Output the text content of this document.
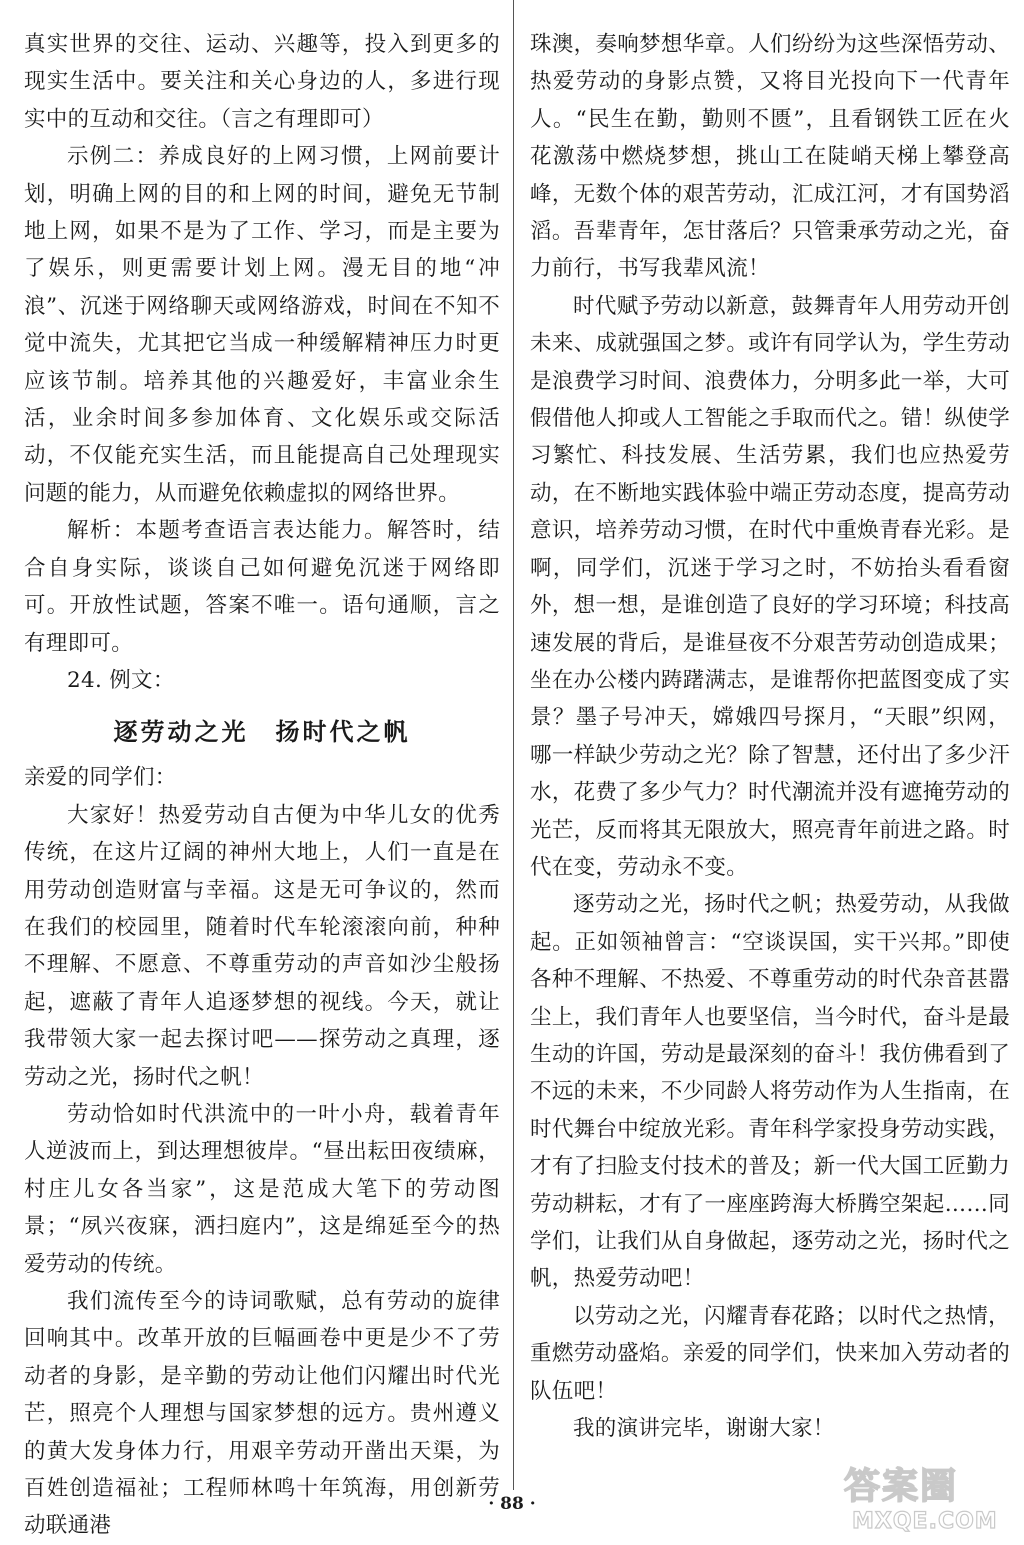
真实世界的交往、运动、兴趣等，投入到更多的现实生活中。要关注和关心身边的人，多进行现实中的互动和交往。（言之有理即可）

示例二：养成良好的上网习惯，上网前要计划，明确上网的目的和上网的时间，避免无节制地上网，如果不是为了工作、学习，而是主要为了娱乐，则更需要计划上网。漫无目的地“冲浪”、沉迷于网络聊天或网络游戏，时间在不知不觉中流失，尤其把它当成一种缓解精神压力时更应该节制。培养其他的兴趣爱好，丰富业余生活，业余时间多参加体育、文化娱乐或交际活动，不仅能充实生活，而且能提高自己处理现实问题的能力，从而避免依赖虚拟的网络世界。

解析：本题考查语言表达能力。解答时，结合自身实际，谈谈自己如何避免沉迷于网络即可。开放性试题，答案不唯一。语句通顺，言之有理即可。

24. 例文：

逐劳动之光　扬时代之帆

亲爱的同学们：

大家好！热爱劳动自古便为中华儿女的优秀传统，在这片辽阔的神州大地上，人们一直是在用劳动创造财富与幸福。这是无可争议的，然而在我们的校园里，随着时代车轮滚滚向前，种种不理解、不愿意、不尊重劳动的声音如沙尘般扬起，遮蔽了青年人追逐梦想的视线。今天，就让我带领大家一起去探讨吧——探劳动之真理，逐劳动之光，扬时代之帆！

劳动恰如时代洪流中的一叶小舟，载着青年人逆波而上，到达理想彼岸。“昼出耘田夜绩麻，村庄儿女各当家”，这是范成大笔下的劳动图景；“夙兴夜寐，洒扫庭内”，这是绵延至今的热爱劳动的传统。

我们流传至今的诗词歌赋，总有劳动的旋律回响其中。改革开放的巨幅画卷中更是少不了劳动者的身影，是辛勤的劳动让他们闪耀出时代光芒，照亮个人理想与国家梦想的远方。贵州遵义的黄大发身体力行，用艰辛劳动开凿出天渠，为百姓创造福祉；工程师林鸣十年筑海，用创新劳动联通港

珠澳，奏响梦想华章。人们纷纷为这些深悟劳动、热爱劳动的身影点赞，又将目光投向下一代青年人。“民生在勤，勤则不匮”，且看钢铁工匠在火花激荡中燃烧梦想，挑山工在陡峭天梯上攀登高峰，无数个体的艰苦劳动，汇成江河，才有国势滔滔。吾辈青年，怎甘落后？只管秉承劳动之光，奋力前行，书写我辈风流！

时代赋予劳动以新意，鼓舞青年人用劳动开创未来、成就强国之梦。或许有同学认为，学生劳动是浪费学习时间、浪费体力，分明多此一举，大可假借他人抑或人工智能之手取而代之。错！纵使学习繁忙、科技发展、生活劳累，我们也应热爱劳动，在不断地实践体验中端正劳动态度，提高劳动意识，培养劳动习惯，在时代中重焕青春光彩。是啊，同学们，沉迷于学习之时，不妨抬头看看窗外，想一想，是谁创造了良好的学习环境；科技高速发展的背后，是谁昼夜不分艰苦劳动创造成果；坐在办公楼内踌躇满志，是谁帮你把蓝图变成了实景？墨子号冲天，嫦娥四号探月，“天眼”织网，哪一样缺少劳动之光？除了智慧，还付出了多少汗水，花费了多少气力？时代潮流并没有遮掩劳动的光芒，反而将其无限放大，照亮青年前进之路。时代在变，劳动永不变。

逐劳动之光，扬时代之帆；热爱劳动，从我做起。正如领袖曾言：“空谈误国，实干兴邦。”即使各种不理解、不热爱、不尊重劳动的时代杂音甚嚣尘上，我们青年人也要坚信，当今时代，奋斗是最生动的许国，劳动是最深刻的奋斗！我仿佛看到了不远的未来，不少同龄人将劳动作为人生指南，在时代舞台中绽放光彩。青年科学家投身劳动实践，才有了扫脸支付技术的普及；新一代大国工匠勤力劳动耕耘，才有了一座座跨海大桥腾空架起……同学们，让我们从自身做起，逐劳动之光，扬时代之帆，热爱劳动吧！

以劳动之光，闪耀青春花路；以时代之热情，重燃劳动盛焰。亲爱的同学们，快来加入劳动者的队伍吧！

我的演讲完毕，谢谢大家！

· 88 ·	答案圈
MXQE.COM
